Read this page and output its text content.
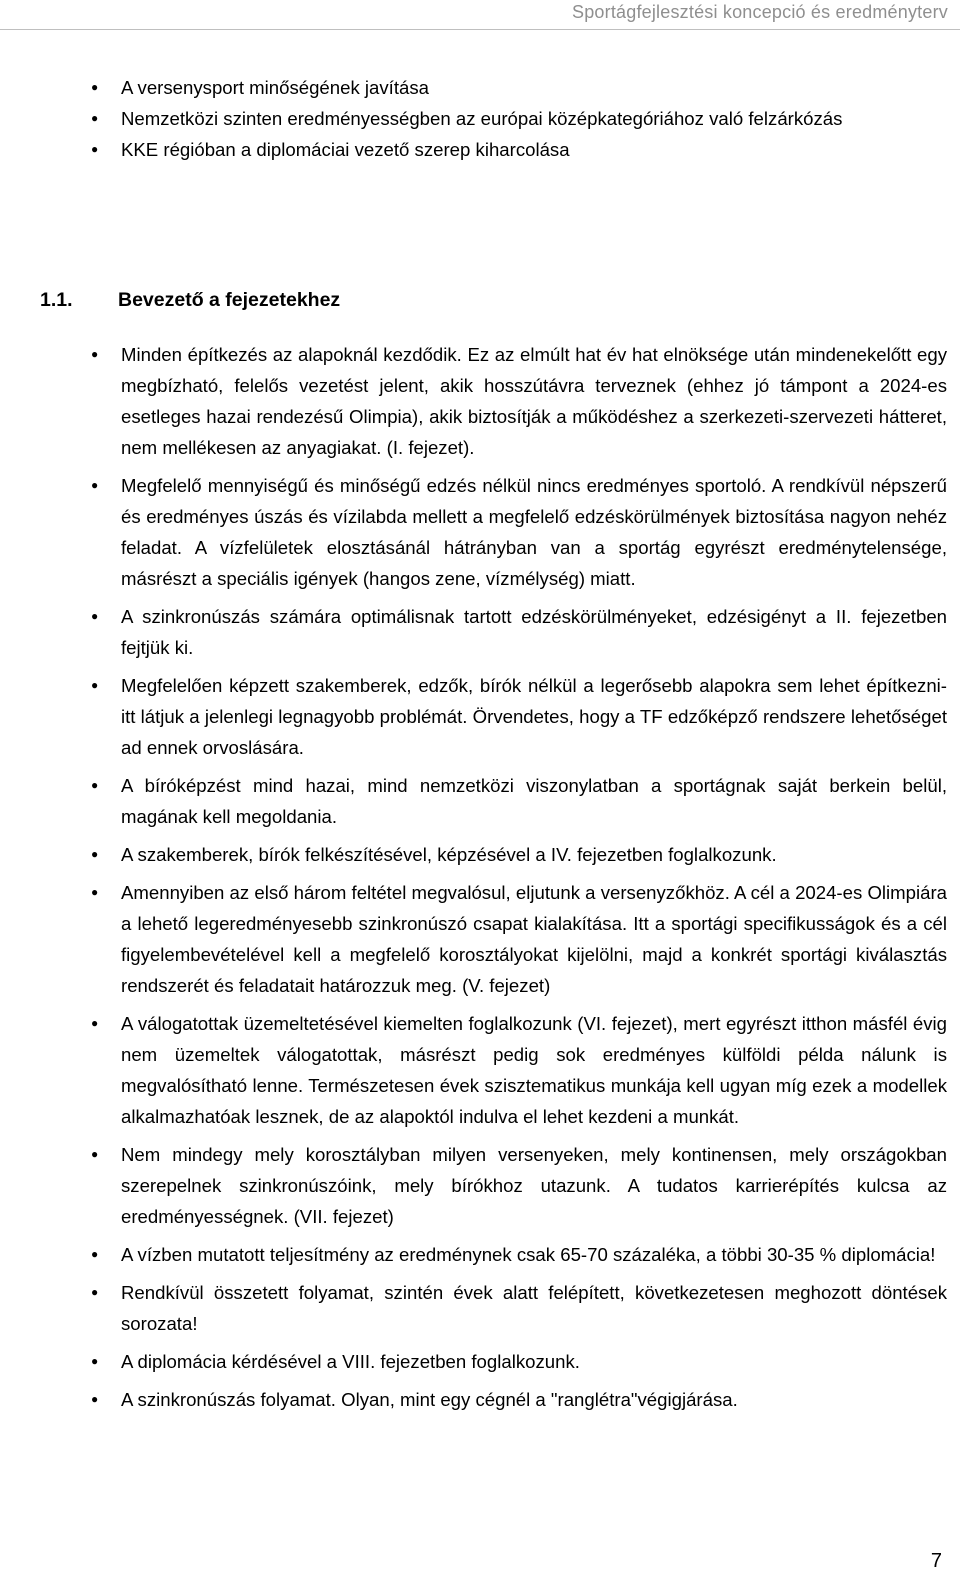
Sportágfejlesztési koncepció és eredményterv
● A versenysport minőségének javítása
● Nemzetközi szinten eredményességben az európai középkategóriához való felzárkózás
● KKE régióban a diplomáciai vezető szerep kiharcolása
1.1. Bevezető a fejezetekhez
● Minden építkezés az alapoknál kezdődik. Ez az elmúlt hat év hat elnöksége után mindenekelőtt egy megbízható, felelős vezetést jelent, akik hosszútávra terveznek (ehhez jó támpont a 2024-es esetleges hazai rendezésű Olimpia), akik biztosítják a működéshez a szerkezeti-szervezeti hátteret, nem mellékesen az anyagiakat. (I. fejezet).
● Megfelelő mennyiségű és minőségű edzés nélkül nincs eredményes sportoló. A rendkívül népszerű és eredményes úszás és vízilabda mellett a megfelelő edzéskörülmények biztosítása nagyon nehéz feladat. A vízfelületek elosztásánál hátrányban van a sportág egyrészt eredménytelensége, másrészt a speciális igények (hangos zene, vízmélység) miatt.
● A szinkronúszás számára optimálisnak tartott edzéskörülményeket, edzésigényt a II. fejezetben fejtjük ki.
● Megfelelően képzett szakemberek, edzők, bírók nélkül a legerősebb alapokra sem lehet építkezni- itt látjuk a jelenlegi legnagyobb problémát. Örvendetes, hogy a TF edzőképző rendszere lehetőséget ad ennek orvoslására.
● A bíróképzést mind hazai, mind nemzetközi viszonylatban a sportágnak saját berkein belül, magának kell megoldania.
● A szakemberek, bírók felkészítésével, képzésével a IV. fejezetben foglalkozunk.
● Amennyiben az első három feltétel megvalósul, eljutunk a versenyzőkhöz. A cél a 2024-es Olimpiára a lehető legeredményesebb szinkronúszó csapat kialakítása. Itt a sportági specifikusságok és a cél figyelembevételével kell a megfelelő korosztályokat kijelölni, majd a konkrét sportági kiválasztás rendszerét és feladatait határozzuk meg. (V. fejezet)
● A válogatottak üzemeltetésével kiemelten foglalkozunk (VI. fejezet), mert egyrészt itthon másfél évig nem üzemeltek válogatottak, másrészt pedig sok eredményes külföldi példa nálunk is megvalósítható lenne. Természetesen évek szisztematikus munkája kell ugyan míg ezek a modellek alkalmazhatóak lesznek, de az alapoktól indulva el lehet kezdeni a munkát.
● Nem mindegy mely korosztályban milyen versenyeken, mely kontinensen, mely országokban szerepelnek szinkronúszóink, mely bírókhoz utazunk. A tudatos karrierépítés kulcsa az eredményességnek. (VII. fejezet)
● A vízben mutatott teljesítmény az eredménynek csak 65-70 százaléka, a többi 30-35 % diplomácia!
● Rendkívül összetett folyamat, szintén évek alatt felépített, következetesen meghozott döntések sorozata!
● A diplomácia kérdésével a VIII. fejezetben foglalkozunk.
● A szinkronúszás folyamat. Olyan, mint egy cégnél a "ranglétra"végigjárása.
7
